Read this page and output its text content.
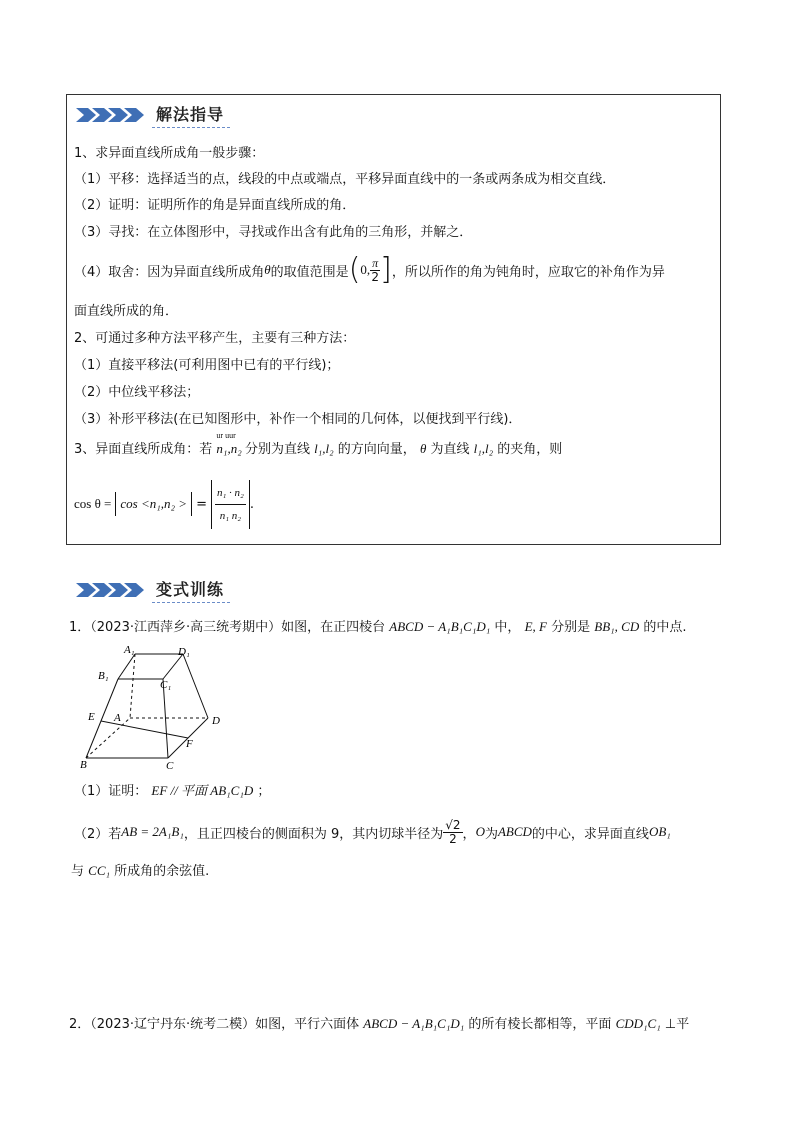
解法指导
1、求异面直线所成角一般步骤：
（1）平移：选择适当的点，线段的中点或端点，平移异面直线中的一条或两条成为相交直线．
（2）证明：证明所作的角是异面直线所成的角．
（3）寻找：在立体图形中，寻找或作出含有此角的三角形，并解之．
（4）取舍：因为异面直线所成角 θ 的取值范围是 ( 0, $\frac{\pi}{2}$ ] ，所以所作的角为钝角时，应取它的补角作为异
面直线所成的角．
2、可通过多种方法平移产生，主要有三种方法：
（1）直接平移法(可利用图中已有的平行线)；
（2）中位线平移法；
（3）补形平移法(在已知图形中，补作一个相同的几何体，以便找到平行线)．
3、异面直线所成角：若
ur uur
n₁,n₂ 分别为直线 l₁,l₂ 的方向向量， θ 为直线 l₁,l₂ 的夹角，则
cos θ = cos <n₁,n₂ > = $\frac{\text{n₁ · n₂}}{\text{n₁ n₂}}$ .
变式训练
1．（2023·江西萍乡·高三统考期中）如图，在正四棱台 ABCD − A₁B₁C₁D₁ 中， E, F 分别是 BB₁, CD 的中点.
A₁	D₁
B₁
C₁
E A	D
F
B	C
（1）证明： EF // 平面 AB₁C₁D ；
（2）若 AB = 2A₁B₁ ，且正四棱台的侧面积为 9，其内切球半径为 $\frac{√2}{2}$ ， O 为 ABCD 的中心，求异面直线 OB₁
与 CC₁ 所成角的余弦值.
2．（2023·辽宁丹东·统考二模）如图，平行六面体 ABCD − A₁B₁C₁D₁ 的所有棱长都相等，平面 CDD₁C₁ ⊥平
